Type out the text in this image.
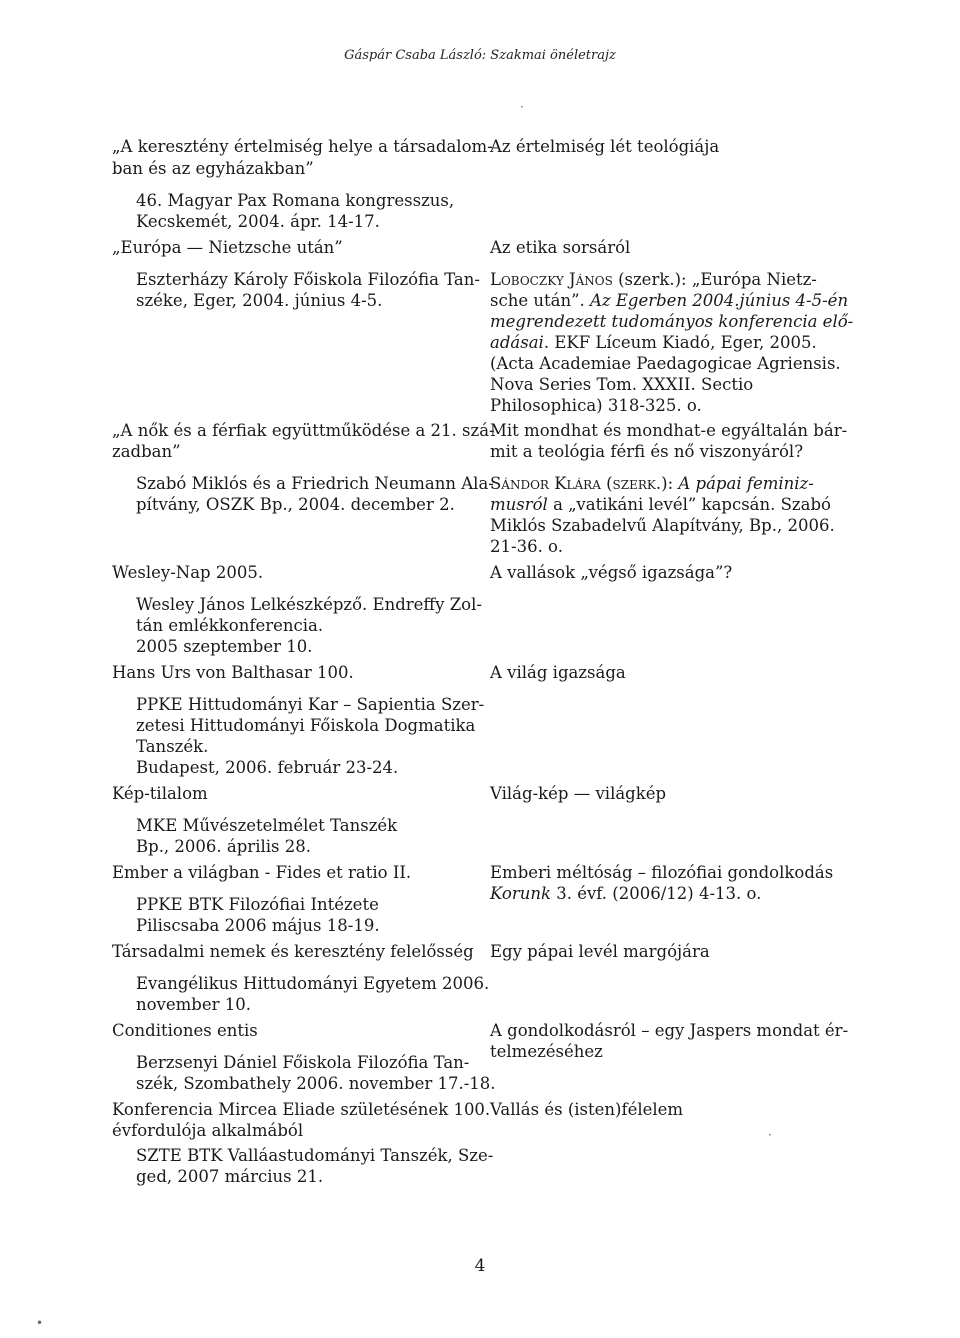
Gáspár Csaba László: Szakmai önéletrajz
„A keresztény értelmiség helye a társadalom-
ban és az egyházakban”
46. Magyar Pax Romana kongresszus,
Kecskemét, 2004. ápr. 14-17.
„Európa — Nietzsche után”
Eszterházy Károly Főiskola Filozófia Tan-
széke, Eger, 2004. június 4-5.
„A nők és a férfiak együttműködése a 21. szá-
zadban”
Szabó Miklós és a Friedrich Neumann Ala-
pítvány, OSZK Bp., 2004. december 2.
Wesley-Nap 2005.
Wesley János Lelkészképző. Endreffy Zol-
tán emlékkonferencia.
2005 szeptember 10.
Hans Urs von Balthasar 100.
PPKE Hittudományi Kar – Sapientia Szer-
zetesi Hittudományi Főiskola Dogmatika
Tanszék.
Budapest, 2006. február 23-24.
Kép-tilalom
MKE Művészetelmélet Tanszék
Bp., 2006. április 28.
Ember a világban - Fides et ratio II.
PPKE BTK Filozófiai Intézete
Piliscsaba 2006 május 18-19.
Társadalmi nemek és keresztény felelősség
Evangélikus Hittudományi Egyetem 2006.
november 10.
Conditiones entis
Berzsenyi Dániel Főiskola Filozófia Tan-
szék, Szombathely 2006. november 17.-18.
Konferencia Mircea Eliade születésének 100.
évfordulója alkalmából
SZTE BTK Valláastudományi Tanszék, Sze-
ged, 2007 március 21.
Az értelmiség lét teológiája
Az etika sorsáról
Loboczky János (szerk.): „Európa Nietz-
sche után”. Az Egerben 2004.június 4-5-én
megrendezett tudományos konferencia elő-
adásai. EKF Líceum Kiadó, Eger, 2005.
(Acta Academiae Paedagogicae Agriensis.
Nova Series Tom. XXXII. Sectio
Philosophica) 318-325. o.
Mit mondhat és mondhat-e egyáltalán bár-
mit a teológia férfi és nő viszonyáról?
Sándor Klára (szerk.): A pápai feminiz-
musról a „vatikáni levél” kapcsán. Szabó
Miklós Szabadelvű Alapítvány, Bp., 2006.
21-36. o.
A vallások „végső igazsága”?
A világ igazsága
Világ-kép — világkép
Emberi méltóság – filozófiai gondolkodás
Korunk 3. évf. (2006/12) 4-13. o.
Egy pápai levél margójára
A gondolkodásról – egy Jaspers mondat ér-
telmezéséhez
Vallás és (isten)félelem
4
·
·
•
